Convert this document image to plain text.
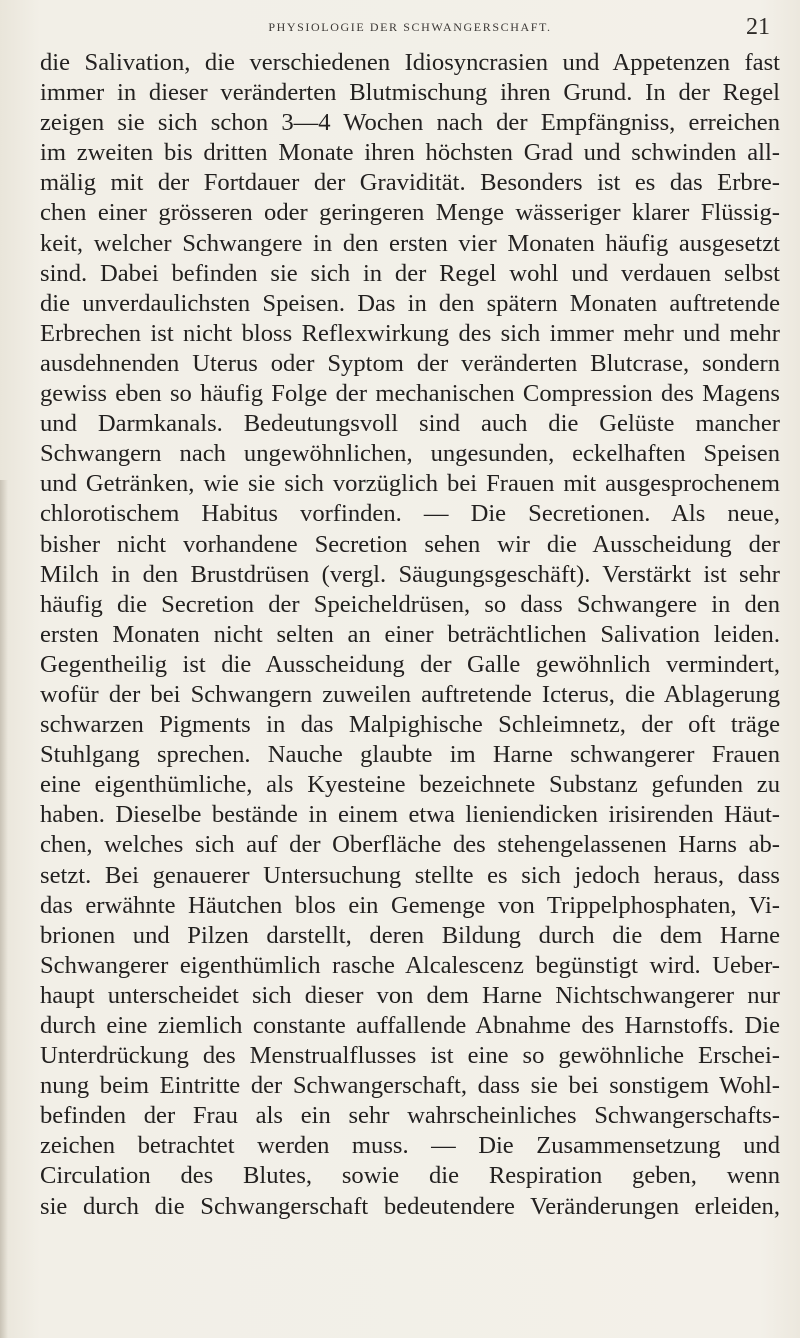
PHYSIOLOGIE DER SCHWANGERSCHAFT.	21
die Salivation, die verschiedenen Idiosyncrasien und Appetenzen fast
immer in dieser veränderten Blutmischung ihren Grund. In der Regel
zeigen sie sich schon 3—4 Wochen nach der Empfängniss, erreichen
im zweiten bis dritten Monate ihren höchsten Grad und schwinden all-
mälig mit der Fortdauer der Gravidität. Besonders ist es das Erbre-
chen einer grösseren oder geringeren Menge wässeriger klarer Flüssig-
keit, welcher Schwangere in den ersten vier Monaten häufig ausgesetzt
sind. Dabei befinden sie sich in der Regel wohl und verdauen selbst
die unverdaulichsten Speisen. Das in den spätern Monaten auftretende
Erbrechen ist nicht bloss Reflexwirkung des sich immer mehr und mehr
ausdehnenden Uterus oder Syptom der veränderten Blutcrase, sondern
gewiss eben so häufig Folge der mechanischen Compression des Magens
und Darmkanals. Bedeutungsvoll sind auch die Gelüste mancher
Schwangern nach ungewöhnlichen, ungesunden, eckelhaften Speisen
und Getränken, wie sie sich vorzüglich bei Frauen mit ausgesprochenem
chlorotischem Habitus vorfinden. — Die Secretionen. Als neue,
bisher nicht vorhandene Secretion sehen wir die Ausscheidung der
Milch in den Brustdrüsen (vergl. Säugungsgeschäft). Verstärkt ist sehr
häufig die Secretion der Speicheldrüsen, so dass Schwangere in den
ersten Monaten nicht selten an einer beträchtlichen Salivation leiden.
Gegentheilig ist die Ausscheidung der Galle gewöhnlich vermindert,
wofür der bei Schwangern zuweilen auftretende Icterus, die Ablagerung
schwarzen Pigments in das Malpighische Schleimnetz, der oft träge
Stuhlgang sprechen. Nauche glaubte im Harne schwangerer Frauen
eine eigenthümliche, als Kyesteine bezeichnete Substanz gefunden zu
haben. Dieselbe bestände in einem etwa lieniendicken irisirenden Häut-
chen, welches sich auf der Oberfläche des stehengelassenen Harns ab-
setzt. Bei genauerer Untersuchung stellte es sich jedoch heraus, dass
das erwähnte Häutchen blos ein Gemenge von Trippelphosphaten, Vi-
brionen und Pilzen darstellt, deren Bildung durch die dem Harne
Schwangerer eigenthümlich rasche Alcalescenz begünstigt wird. Ueber-
haupt unterscheidet sich dieser von dem Harne Nichtschwangerer nur
durch eine ziemlich constante auffallende Abnahme des Harnstoffs. Die
Unterdrückung des Menstrualflusses ist eine so gewöhnliche Erschei-
nung beim Eintritte der Schwangerschaft, dass sie bei sonstigem Wohl-
befinden der Frau als ein sehr wahrscheinliches Schwangerschafts-
zeichen betrachtet werden muss. — Die Zusammensetzung und
Circulation des Blutes, sowie die Respiration geben, wenn
sie durch die Schwangerschaft bedeutendere Veränderungen erleiden,
